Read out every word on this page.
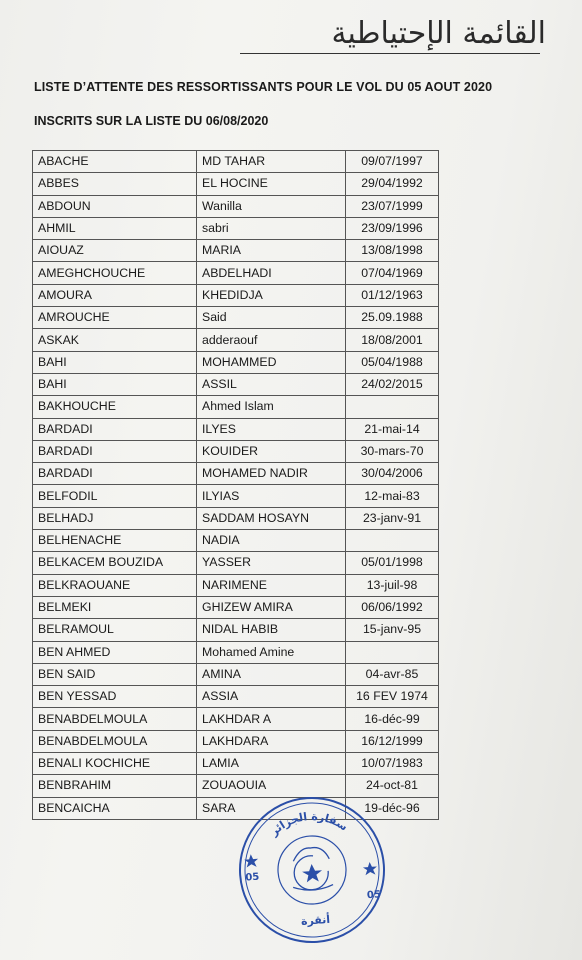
القائمة الإحتياطية
LISTE D’ATTENTE DES RESSORTISSANTS POUR LE VOL DU 05 AOUT 2020
INSCRITS SUR LA LISTE DU 06/08/2020
ABACHE	MD TAHAR	09/07/1997
ABBES	EL HOCINE	29/04/1992
ABDOUN	Wanilla	23/07/1999
AHMIL	sabri	23/09/1996
AIOUAZ	MARIA	13/08/1998
AMEGHCHOUCHE	ABDELHADI	07/04/1969
AMOURA	KHEDIDJA	01/12/1963
AMROUCHE	Said	25.09.1988
ASKAK	adderaouf	18/08/2001
BAHI	MOHAMMED	05/04/1988
BAHI	ASSIL	24/02/2015
BAKHOUCHE	Ahmed Islam	
BARDADI	ILYES	21-mai-14
BARDADI	KOUIDER	30-mars-70
BARDADI	MOHAMED NADIR	30/04/2006
BELFODIL	ILYIAS	12-mai-83
BELHADJ	SADDAM HOSAYN	23-janv-91
BELHENACHE	NADIA	
BELKACEM BOUZIDA	YASSER	05/01/1998
BELKRAOUANE	NARIMENE	13-juil-98
BELMEKI	GHIZEW AMIRA	06/06/1992
BELRAMOUL	NIDAL HABIB	15-janv-95
BEN AHMED	Mohamed Amine	
BEN SAID	AMINA	04-avr-85
BEN YESSAD	ASSIA	16 FEV 1974
BENABDELMOULA	LAKHDAR A	16-déc-99
BENABDELMOULA	LAKHDARA	16/12/1999
BENALI KOCHICHE	LAMIA	10/07/1983
BENBRAHIM	ZOUAOUIA	24-oct-81
BENCAICHA	SARA	19-déc-96
سفارة الجزائر
أنقرة
05
05
